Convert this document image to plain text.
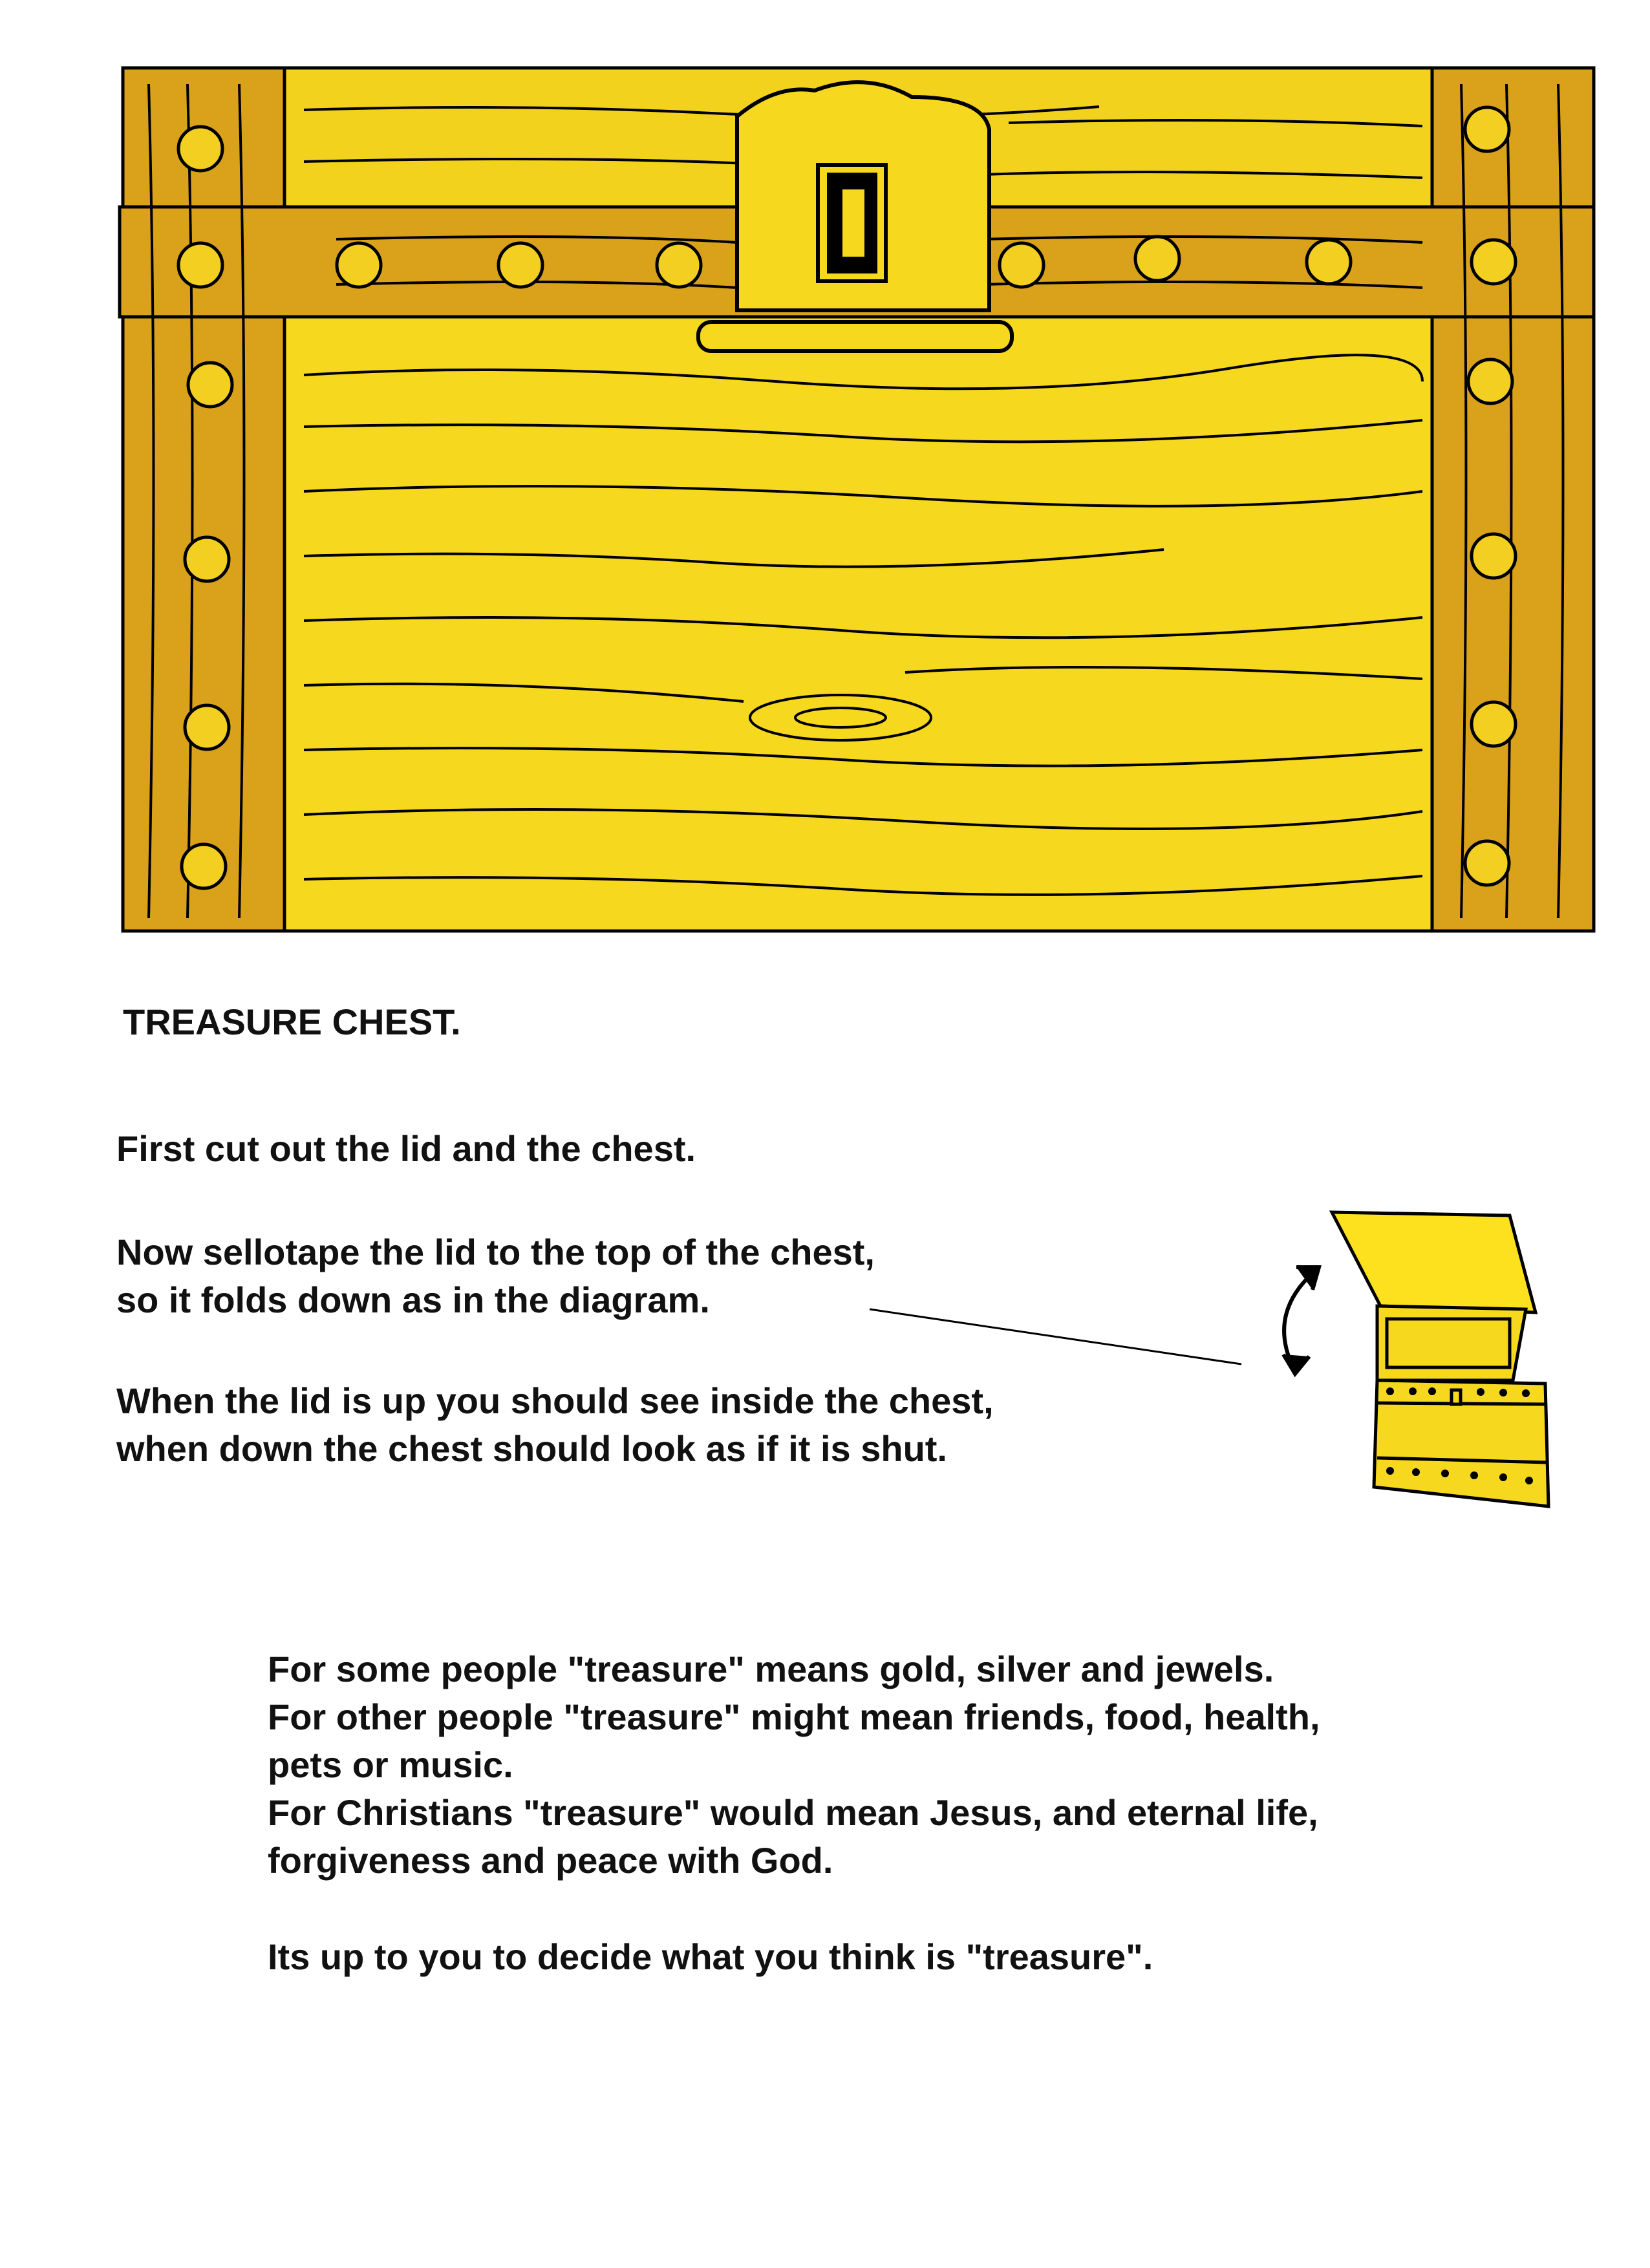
TREASURE CHEST.
First cut out the lid and the chest.
Now sellotape the lid to the top of the chest,
so it folds down as in the diagram.
When the lid is up you should see inside the chest,
when down the chest should look as if it is shut.
For some people "treasure" means gold, silver and jewels.
For other people "treasure" might mean friends, food, health,
pets or music.
For Christians "treasure" would mean Jesus, and eternal life,
forgiveness and peace with God.
Its up to you to decide what you think is "treasure".
